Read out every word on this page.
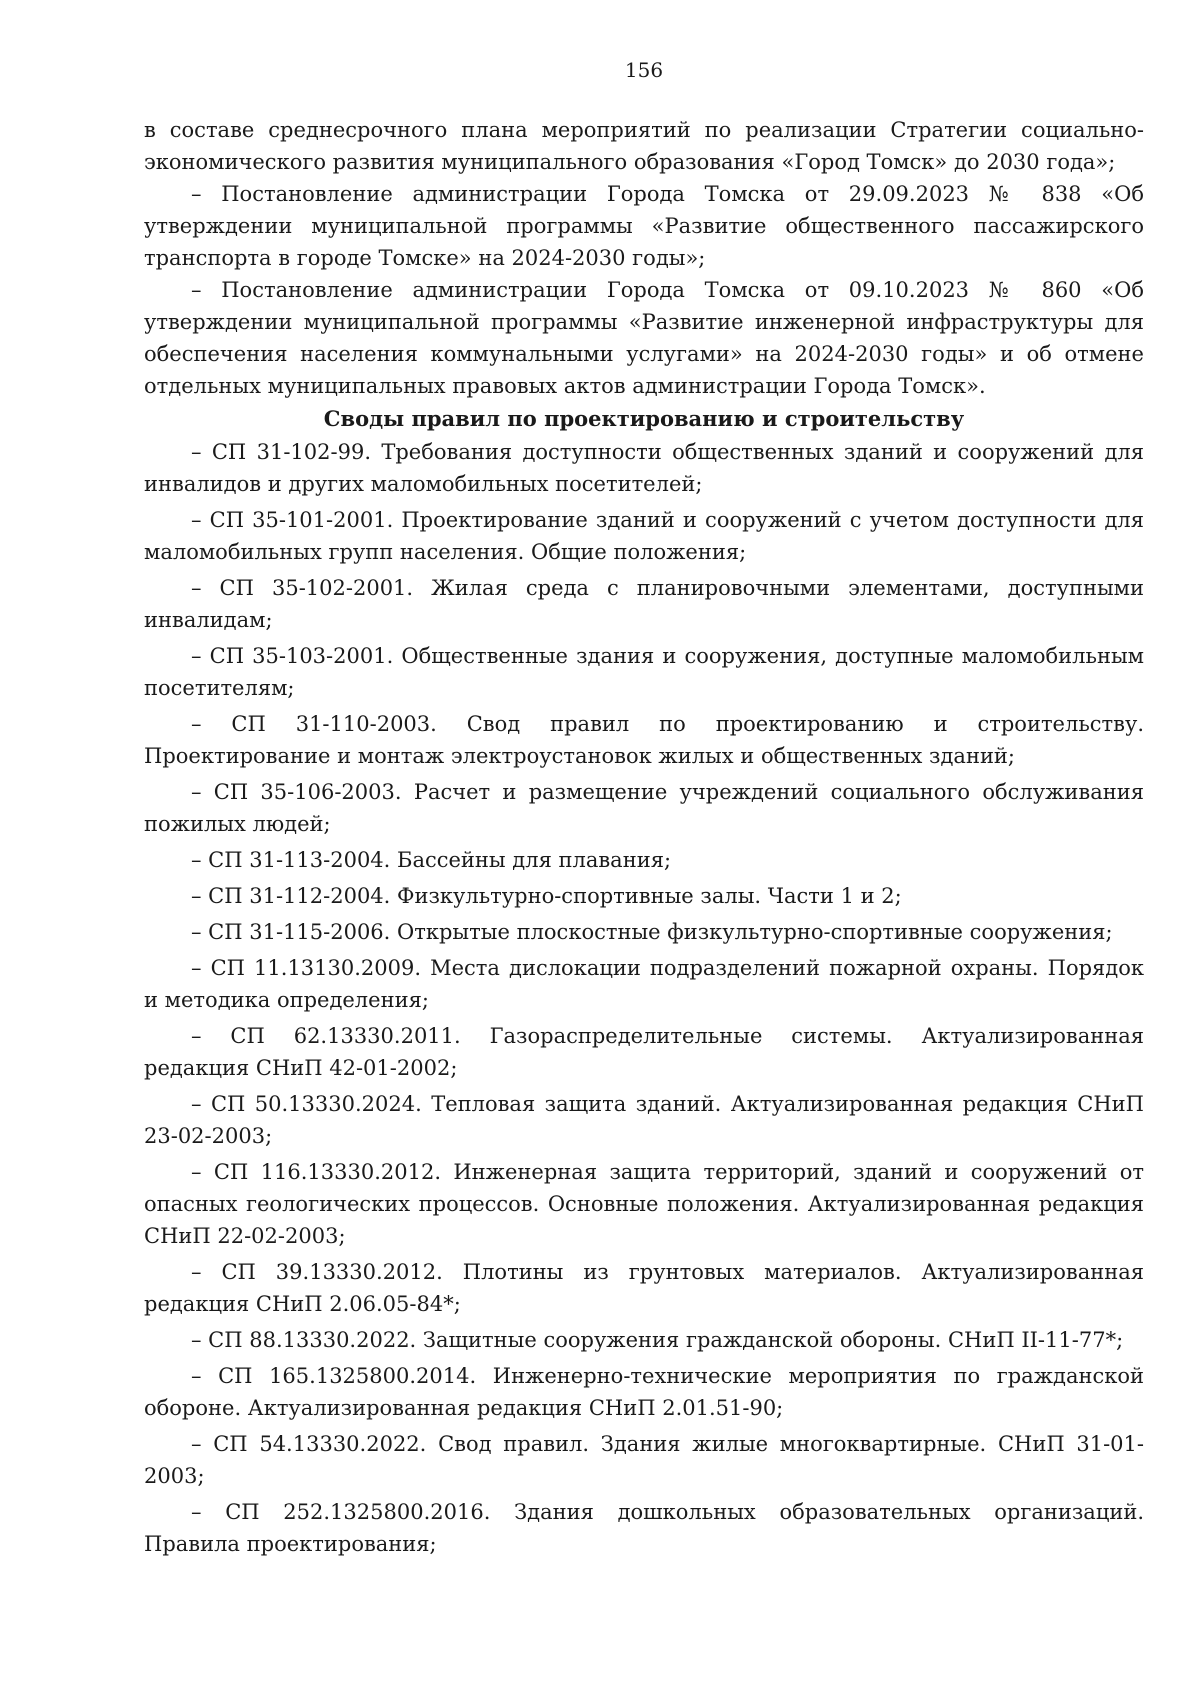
156

в составе среднесрочного плана мероприятий по реализации Стратегии социально-экономического развития муниципального образования «Город Томск» до 2030 года»;

– Постановление администрации Города Томска от 29.09.2023 № 838 «Об утверждении муниципальной программы «Развитие общественного пассажирского транспорта в городе Томске» на 2024-2030 годы»;

– Постановление администрации Города Томска от 09.10.2023 № 860 «Об утверждении муниципальной программы «Развитие инженерной инфраструктуры для обеспечения населения коммунальными услугами» на 2024-2030 годы» и об отмене отдельных муниципальных правовых актов администрации Города Томск».

Своды правил по проектированию и строительству

– СП 31-102-99. Требования доступности общественных зданий и сооружений для инвалидов и других маломобильных посетителей;

– СП 35-101-2001. Проектирование зданий и сооружений с учетом доступности для маломобильных групп населения. Общие положения;

– СП 35-102-2001. Жилая среда с планировочными элементами, доступными инвалидам;

– СП 35-103-2001. Общественные здания и сооружения, доступные маломобильным посетителям;

– СП 31-110-2003. Свод правил по проектированию и строительству. Проектирование и монтаж электроустановок жилых и общественных зданий;

– СП 35-106-2003. Расчет и размещение учреждений социального обслуживания пожилых людей;

– СП 31-113-2004. Бассейны для плавания;

– СП 31-112-2004. Физкультурно-спортивные залы. Части 1 и 2;

– СП 31-115-2006. Открытые плоскостные физкультурно-спортивные сооружения;

– СП 11.13130.2009. Места дислокации подразделений пожарной охраны. Порядок и методика определения;

– СП 62.13330.2011. Газораспределительные системы. Актуализированная редакция СНиП 42-01-2002;

– СП 50.13330.2024. Тепловая защита зданий. Актуализированная редакция СНиП 23-02-2003;

– СП 116.13330.2012. Инженерная защита территорий, зданий и сооружений от опасных геологических процессов. Основные положения. Актуализированная редакция СНиП 22-02-2003;

– СП 39.13330.2012. Плотины из грунтовых материалов. Актуализированная редакция СНиП 2.06.05-84*;

– СП 88.13330.2022. Защитные сооружения гражданской обороны. СНиП II-11-77*;

– СП 165.1325800.2014. Инженерно-технические мероприятия по гражданской обороне. Актуализированная редакция СНиП 2.01.51-90;

– СП 54.13330.2022. Свод правил. Здания жилые многоквартирные. СНиП 31-01-2003;

– СП 252.1325800.2016. Здания дошкольных образовательных организаций. Правила проектирования;
